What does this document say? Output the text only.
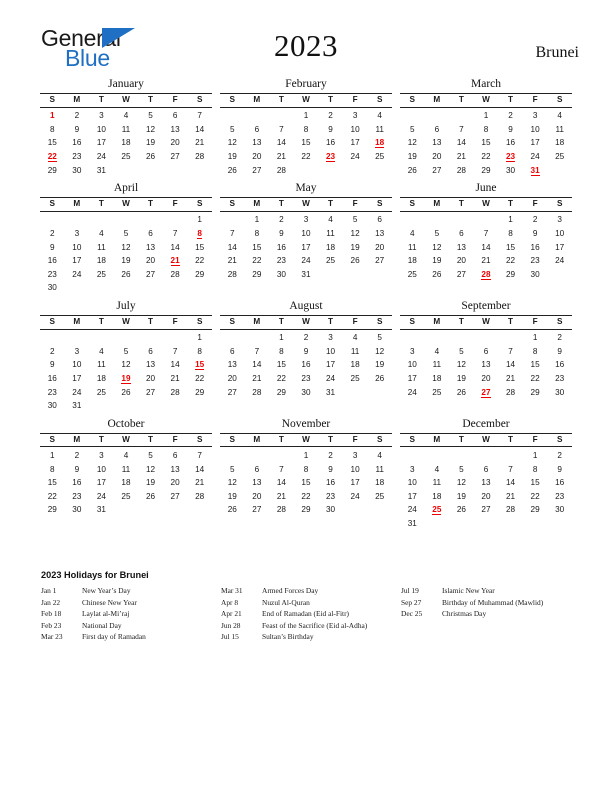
General
Blue	2023	Brunei
January
S	M	T	W	T	F	S
1	2	3	4	5	6	7
8	9	10	11	12	13	14
15	16	17	18	19	20	21
22	23	24	25	26	27	28
29	30	31				
February
S	M	T	W	T	F	S
			1	2	3	4
5	6	7	8	9	10	11
12	13	14	15	16	17	18
19	20	21	22	23	24	25
26	27	28				
March
S	M	T	W	T	F	S
			1	2	3	4
5	6	7	8	9	10	11
12	13	14	15	16	17	18
19	20	21	22	23	24	25
26	27	28	29	30	31	
April
S	M	T	W	T	F	S
						1
2	3	4	5	6	7	8
9	10	11	12	13	14	15
16	17	18	19	20	21	22
23	24	25	26	27	28	29
30						
May
S	M	T	W	T	F	S
	1	2	3	4	5	6
7	8	9	10	11	12	13
14	15	16	17	18	19	20
21	22	23	24	25	26	27
28	29	30	31			
June
S	M	T	W	T	F	S
				1	2	3
4	5	6	7	8	9	10
11	12	13	14	15	16	17
18	19	20	21	22	23	24
25	26	27	28	29	30	
July
S	M	T	W	T	F	S
						1
2	3	4	5	6	7	8
9	10	11	12	13	14	15
16	17	18	19	20	21	22
23	24	25	26	27	28	29
30	31					
August
S	M	T	W	T	F	S
		1	2	3	4	5
6	7	8	9	10	11	12
13	14	15	16	17	18	19
20	21	22	23	24	25	26
27	28	29	30	31		
September
S	M	T	W	T	F	S
					1	2
3	4	5	6	7	8	9
10	11	12	13	14	15	16
17	18	19	20	21	22	23
24	25	26	27	28	29	30
October
S	M	T	W	T	F	S
1	2	3	4	5	6	7
8	9	10	11	12	13	14
15	16	17	18	19	20	21
22	23	24	25	26	27	28
29	30	31				
November
S	M	T	W	T	F	S
			1	2	3	4
5	6	7	8	9	10	11
12	13	14	15	16	17	18
19	20	21	22	23	24	25
26	27	28	29	30		
December
S	M	T	W	T	F	S
					1	2
3	4	5	6	7	8	9
10	11	12	13	14	15	16
17	18	19	20	21	22	23
24	25	26	27	28	29	30
31						
2023 Holidays for Brunei
Jan 1	New Year’s Day
Jan 22	Chinese New Year
Feb 18	Laylat al-Mi’raj
Feb 23	National Day
Mar 23	First day of Ramadan
Mar 31	Armed Forces Day
Apr 8	Nuzul Al-Quran
Apr 21	End of Ramadan (Eid al-Fitr)
Jun 28	Feast of the Sacrifice (Eid al-Adha)
Jul 15	Sultan’s Birthday
Jul 19	Islamic New Year
Sep 27	Birthday of Muhammad (Mawlid)
Dec 25	Christmas Day
